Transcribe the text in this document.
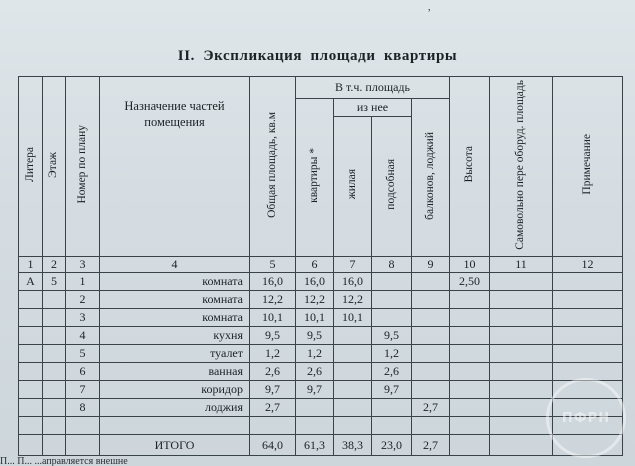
,
II. Экспликация площади квартиры
Литера	Этаж	Номер по плану	Назначение частей помещения	Общая площадь, кв.м	В т.ч. площадь				Высота	Самовольно пере оборуд. площадь	Примечание
					квартиры *	из нее		балконов, лоджий			
						жилая	подсобная				
1	2	3	4	5	6	7	8	9	10	11	12
А	5	1	комната	16,0	16,0	16,0			2,50		
		2	комната	12,2	12,2	12,2					
		3	комната	10,1	10,1	10,1					
		4	кухня	9,5	9,5		9,5				
		5	туалет	1,2	1,2		1,2				
		6	ванная	2,6	2,6		2,6				
		7	коридор	9,7	9,7		9,7				
		8	лоджия	2,7				2,7			

			ИТОГО	64,0	61,3	38,3	23,0	2,7			
ПФРН
П... П... ...аправляется внешне
